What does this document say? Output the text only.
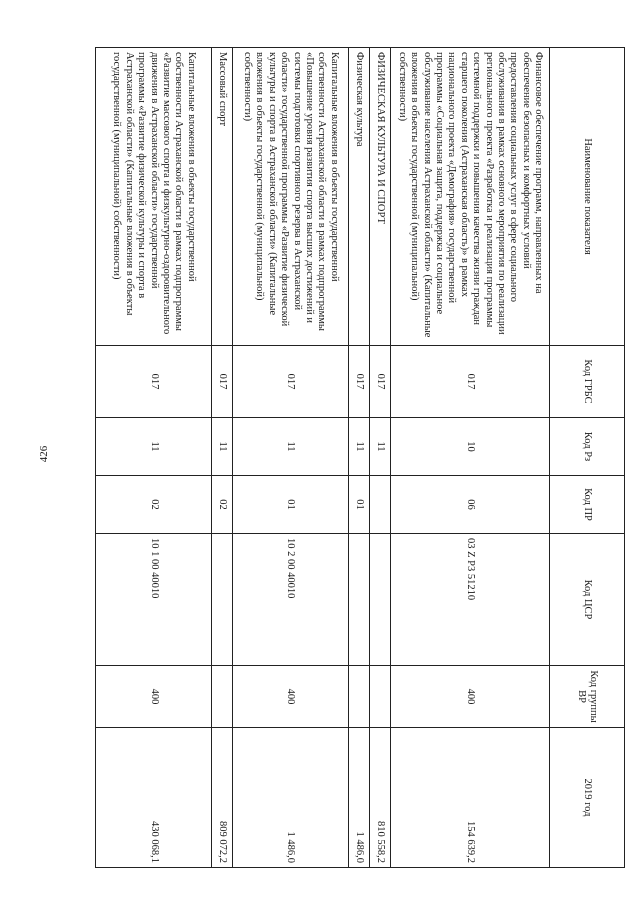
426
Наименование показателя	Код ГРБС	Код Рз	Код ПР	Код ЦСР	Код группы ВР	2019 год
Финансовое обеспечение программ, направленных на обеспечение безопасных и комфортных условий предоставления социальных услуг в сфере социального обслуживания в рамках основного мероприятия по реализации регионального проекта «Разработка и реализация программы системной поддержки и повышения качества жизни граждан старшего поколения (Астраханская область)» в рамках национального проекта «Демография» государственной программы «Социальная защита, поддержка и социальное обслуживание населения Астраханской области» (Капитальные вложения в объекты государственной (муниципальной) собственности)	017	10	06	03 Z P3 51210	400	154 639,2
ФИЗИЧЕСКАЯ КУЛЬТУРА И СПОРТ	017	11				810 558,2
Физическая культура	017	11	01			1 486,0
Капитальные вложения в объекты государственной собственности Астраханской области в рамках подпрограммы «Повышение уровня развития спорта высших достижений и системы подготовки спортивного резерва в Астраханской области» государственной программы «Развитие физической культуры и спорта в Астраханской области» (Капитальные вложения в объекты государственной (муниципальной) собственности)	017	11	01	10 2 00 40010	400	1 486,0
Массовый спорт	017	11	02			809 072,2
Капитальные вложения в объекты государственной собственности Астраханской области в рамках подпрограммы «Развитие массового спорта и физкультурно-оздоровительного движения в Астраханской области» государственной программы «Развитие физической культуры и спорта в Астраханской области» (Капитальные вложения в объекты государственной (муниципальной) собственности)	017	11	02	10 1 00 40010	400	430 068,1
